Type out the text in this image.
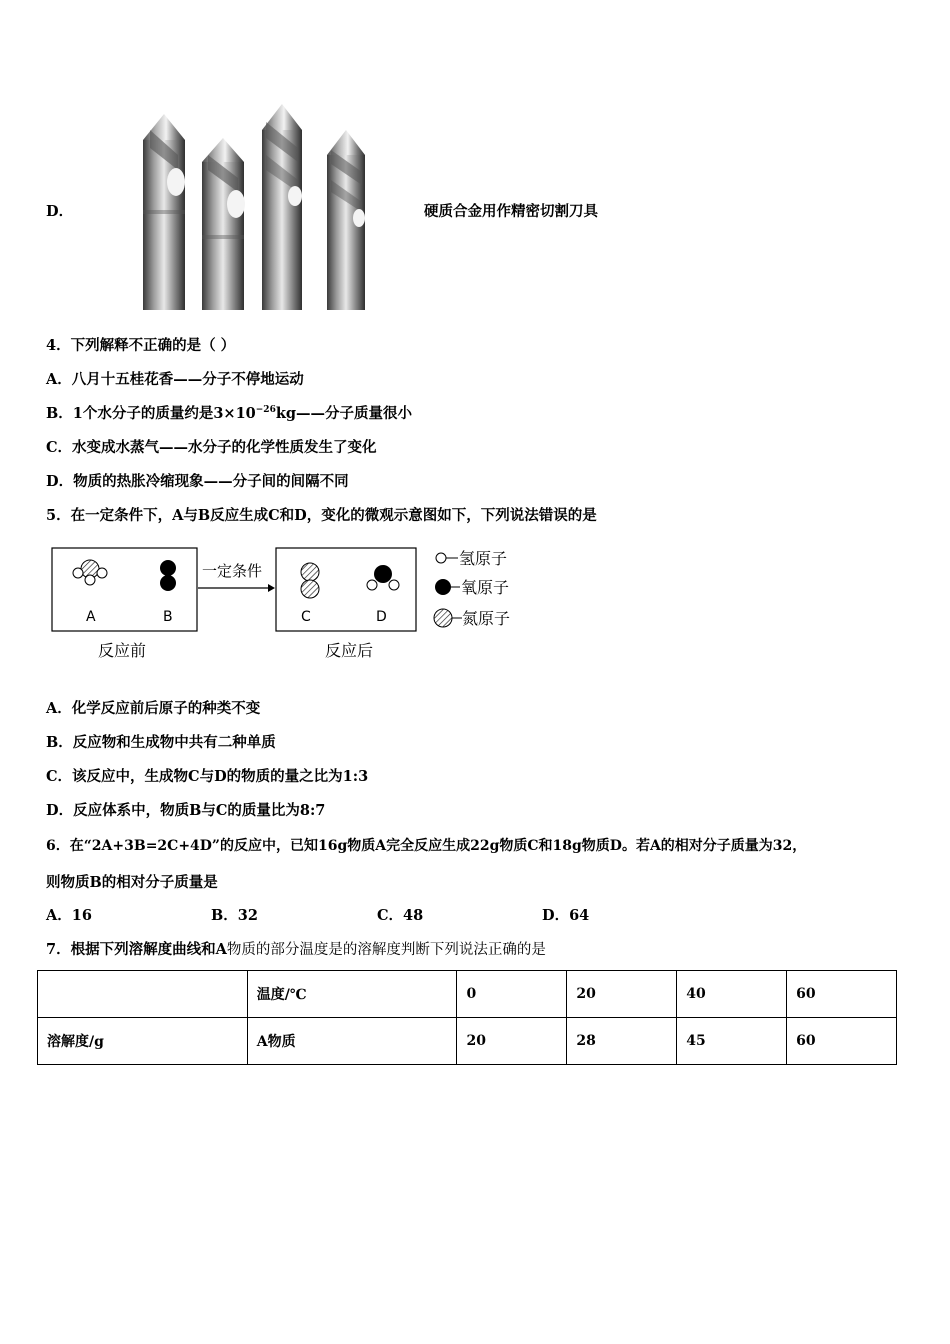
D．	硬质合金用作精密切割刀具
4．下列解释不正确的是（ ）
A．八月十五桂花香——分子不停地运动
B．1个水分子的质量约是$3\times 10^{-26}kg——$分子质量很小
C．水变成水蒸气——水分子的化学性质发生了变化
D．物质的热胀冷缩现象——分子间的间隔不同
5．在一定条件下，A与B反应生成C和D，变化的微观示意图如下，下列说法错误的是
A	B
反应前
一定条件
C	D
反应后
氢原子
氧原子
氮原子
A．化学反应前后原子的种类不变
B．反应物和生成物中共有二种单质
C．该反应中，生成物C与D的物质的量之比为1:3
D．反应体系中，物质B与C的质量比为8:7
6．在“2A+3B=2C+4D”的反应中，已知16g物质A完全反应生成22g物质C和18g物质D。若A的相对分子质量为32，
则物质B的相对分子质量是
A．16	B．32	C．48	D．64
7．根据下列溶解度曲线和A物质的部分温度是的溶解度判断下列说法正确的是
	温度/℃	0	20	40	60
溶解度/g	A物质	20	28	45	60
